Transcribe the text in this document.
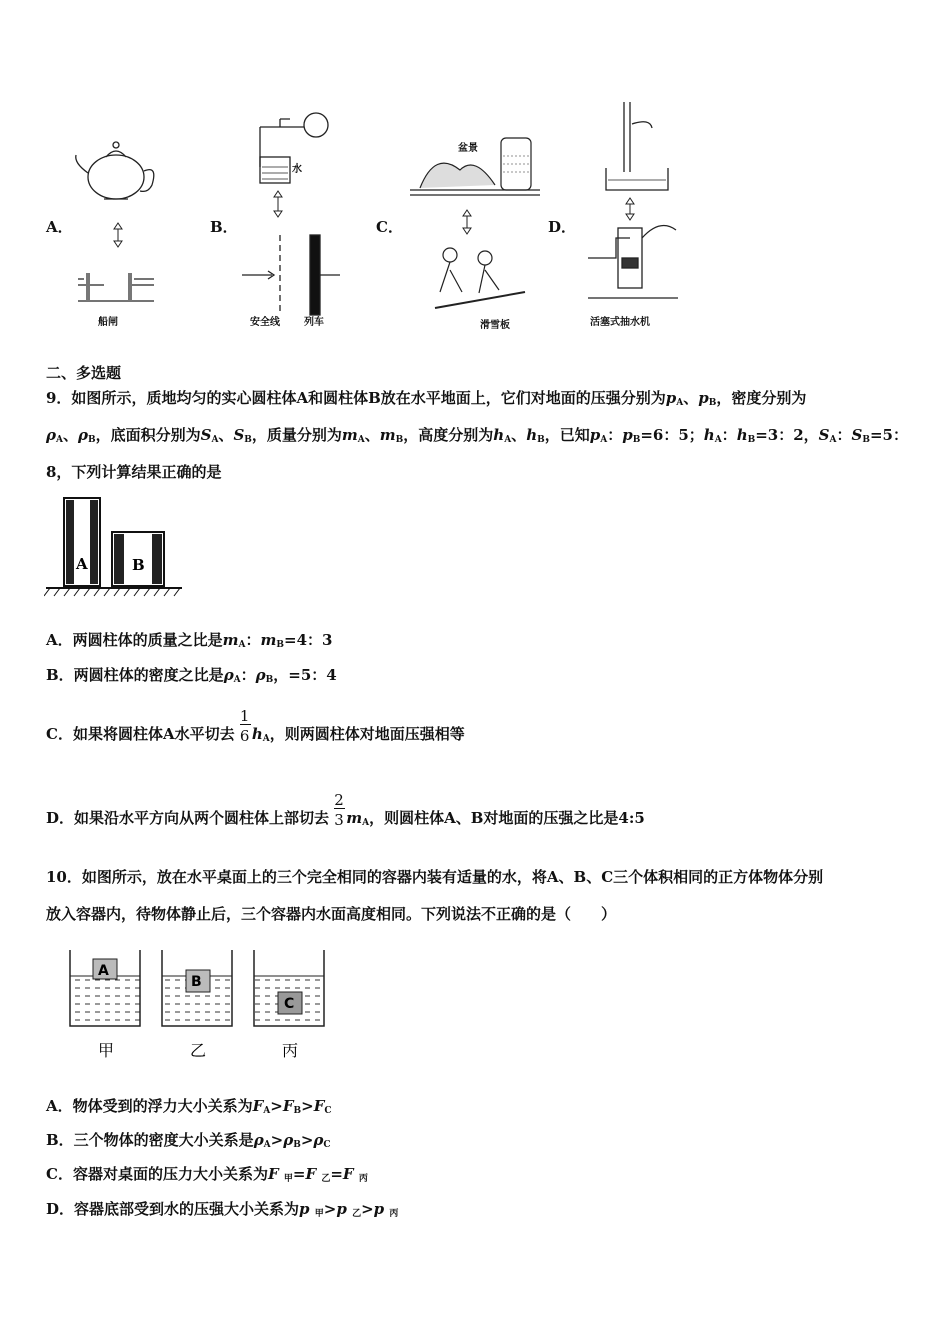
A．	B．	C．	D．
船闸
水
安全线 列车
盆景
滑雪板	活塞式抽水机
二、多选题
9．如图所示，质地均匀的实心圆柱体A和圆柱体B放在水平地面上，它们对地面的压强分别为$p_A$、$p_B$，密度分别为
$\rho_A$、$\rho_B$，底面积分别为$S_A$、$S_B$，质量分别为$m_A$、$m_B$，高度分别为$h_A$、$h_B$，已知$p_A$：$p_B=6$：5；$h_A$：$h_B=3$：2，$S_A$：$S_B=5$：
8，下列计算结果正确的是
A	B
A．两圆柱体的质量之比是$m_A$：$m_B=4$：3
B．两圆柱体的密度之比是$\rho_A$：$\rho_B$，=5：4
C．如果将圆柱体A水平切去 $\frac{1}{6} h_A$，则两圆柱体对地面压强相等
D．如果沿水平方向从两个圆柱体上部切去 $\frac{2}{3} m_A$，则圆柱体A、B对地面的压强之比是4:5
10．如图所示，放在水平桌面上的三个完全相同的容器内装有适量的水，将A、B、C三个体积相同的正方体物体分别
放入容器内，待物体静止后，三个容器内水面高度相同。下列说法不正确的是（　　）
A
B
C
甲	乙	丙
A．物体受到的浮力大小关系为$F_A>F_B>F_C$
B．三个物体的密度大小关系是$\rho_A>\rho_B>\rho_C$
C．容器对桌面的压力大小关系为F $_甲$=F $_乙$=F $_丙$
D．容器底部受到水的压强大小关系为p $_甲$>p $_乙$>p $_丙$
